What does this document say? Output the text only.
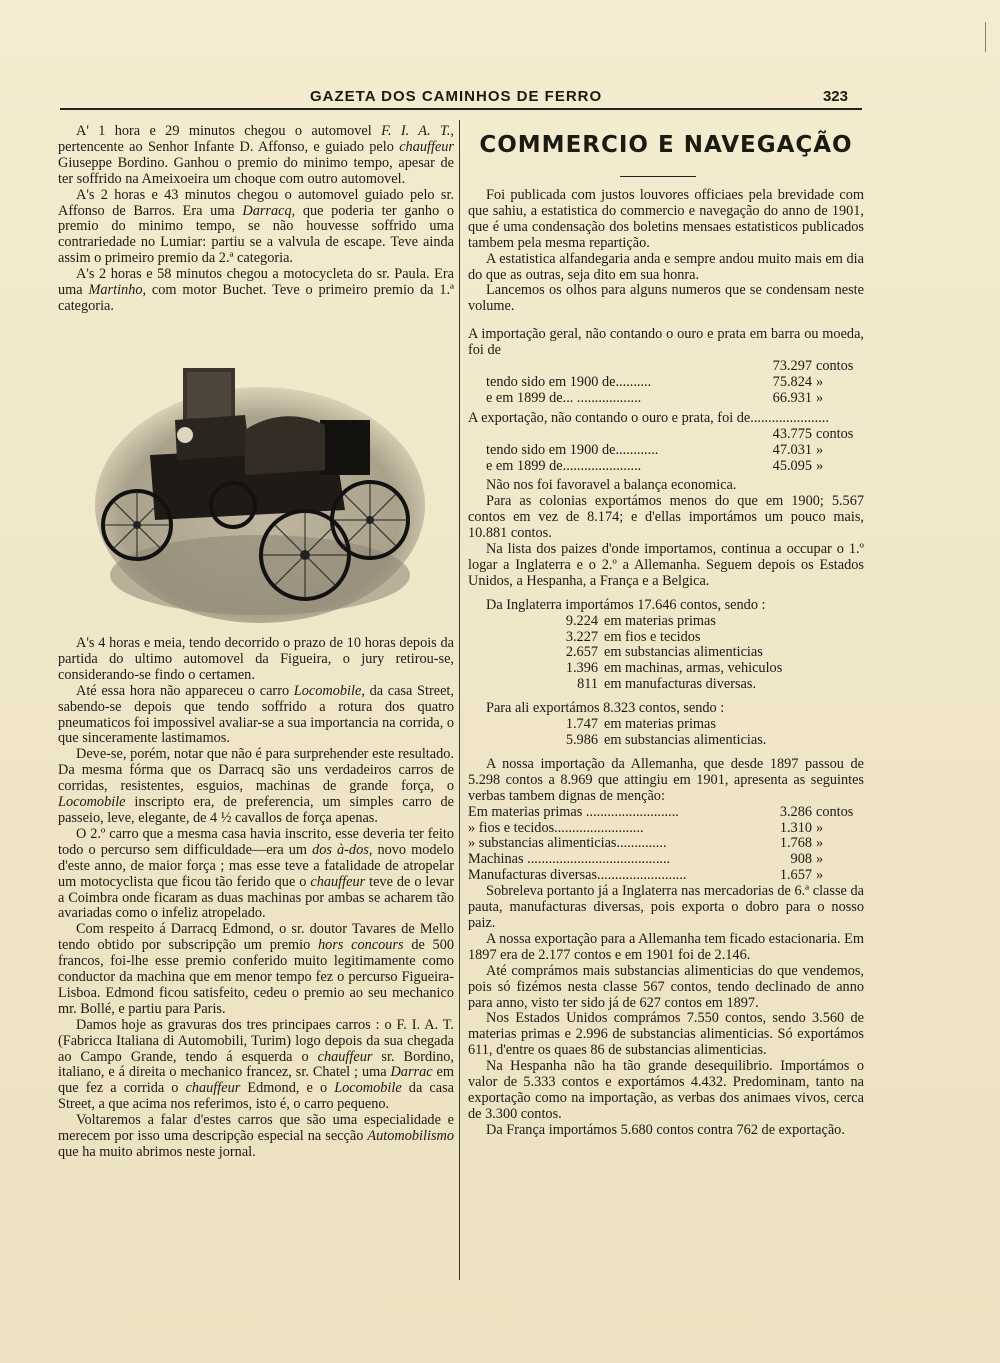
GAZETA DOS CAMINHOS DE FERRO	323

A' 1 hora e 29 minutos chegou o automovel F. I. A. T., pertencente ao Senhor Infante D. Affonso, e guiado pelo chauffeur Giuseppe Bordino. Ganhou o premio do minimo tempo, apesar de ter soffrido na Ameixoeira um choque com outro automovel.

A's 2 horas e 43 minutos chegou o automovel guiado pelo sr. Affonso de Barros. Era uma Darracq, que poderia ter ganho o premio do minimo tempo, se não houvesse soffrido uma contrariedade no Lumiar: partiu se a valvula de escape. Teve ainda assim o primeiro premio da 2.ª categoria.

A's 2 horas e 58 minutos chegou a motocycleta do sr. Paula. Era uma Martinho, com motor Buchet. Teve o primeiro premio da 1.ª categoria.

A's 4 horas e meia, tendo decorrido o prazo de 10 horas depois da partida do ultimo automovel da Figueira, o jury retirou-se, considerando-se findo o certamen.

Até essa hora não appareceu o carro Locomobile, da casa Street, sabendo-se depois que tendo soffrido a rotura dos quatro pneumaticos foi impossivel avaliar-se a sua importancia na corrida, o que sinceramente lastimamos.

Deve-se, porém, notar que não é para surprehender este resultado. Da mesma fórma que os Darracq são uns verdadeiros carros de corridas, resistentes, esguios, machinas de grande força, o Locomobile inscripto era, de preferencia, um simples carro de passeio, leve, elegante, de 4 ½ cavallos de força apenas.

O 2.º carro que a mesma casa havia inscrito, esse deveria ter feito todo o percurso sem difficuldade—era um dos à-dos, novo modelo d'este anno, de maior força ; mas esse teve a fatalidade de atropelar um motocyclista que ficou tão ferido que o chauffeur teve de o levar a Coimbra onde ficaram as duas machinas por ambas se acharem tão avariadas como o infeliz atropelado.

Com respeito á Darracq Edmond, o sr. doutor Tavares de Mello tendo obtido por subscripção um premio hors concours de 500 francos, foi-lhe esse premio conferido muito legitimamente como conductor da machina que em menor tempo fez o percurso Figueira-Lisboa. Edmond ficou satisfeito, cedeu o premio ao seu mechanico mr. Bollé, e partiu para Paris.

Damos hoje as gravuras dos tres principaes carros : o F. I. A. T. (Fabricca Italiana di Automobili, Turim) logo depois da sua chegada ao Campo Grande, tendo á esquerda o chauffeur sr. Bordino, italiano, e á direita o mechanico francez, sr. Chatel ; uma Darrac em que fez a corrida o chauffeur Edmond, e o Locomobile da casa Street, a que acima nos referimos, isto é, o carro pequeno.

Voltaremos a falar d'estes carros que são uma especialidade e merecem por isso uma descripção especial na secção Automobilismo que ha muito abrimos neste jornal.

COMMERCIO E NAVEGAÇÃO

Foi publicada com justos louvores officiaes pela brevidade com que sahiu, a estatistica do commercio e navegação do anno de 1901, que é uma condensação dos boletins mensaes estatisticos publicados tambem pela mesma repartição.

A estatistica alfandegaria anda e sempre andou muito mais em dia do que as outras, seja dito em sua honra.

Lancemos os olhos para alguns numeros que se condensam neste volume.

A importação geral, não contando o ouro e prata em barra ou moeda, foi de
73.297 contos
tendo sido em 1900 de..........	75.824 »
e em 1899 de... ..................	66.931 »
A exportação, não contando o ouro e prata, foi de......................
43.775 contos
tendo sido em 1900 de............	47.031 »
e em 1899 de......................	45.095 »

Não nos foi favoravel a balança economica.

Para as colonias exportámos menos do que em 1900; 5.567 contos em vez de 8.174; e d'ellas importámos um pouco mais, 10.881 contos.

Na lista dos paizes d'onde importamos, continua a occupar o 1.º logar a Inglaterra e o 2.º a Allemanha. Seguem depois os Estados Unidos, a Hespanha, a França e a Belgica.

Da Inglaterra importámos 17.646 contos, sendo :

9.224 em materias primas
3.227 em fios e tecidos
2.657 em substancias alimenticias
1.396 em machinas, armas, vehiculos
811 em manufacturas diversas.

Para ali exportámos 8.323 contos, sendo :

1.747 em materias primas
5.986 em substancias alimenticias.

A nossa importação da Allemanha, que desde 1897 passou de 5.298 contos a 8.969 que attingiu em 1901, apresenta as seguintes verbas tambem dignas de menção:

Em materias primas ..........................	3.286 contos
» fios e tecidos.........................	1.310 »
» substancias alimenticias..............	1.768 »
Machinas ........................................	908 »
Manufacturas diversas.........................	1.657 »

Sobreleva portanto já a Inglaterra nas mercadorias de 6.ª classe da pauta, manufacturas diversas, pois exporta o dobro para o nosso paiz.

A nossa exportação para a Allemanha tem ficado estacionaria. Em 1897 era de 2.177 contos e em 1901 foi de 2.146.

Até comprámos mais substancias alimenticias do que vendemos, pois só fizémos nesta classe 567 contos, tendo declinado de anno para anno, visto ter sido já de 627 contos em 1897.

Nos Estados Unidos comprámos 7.550 contos, sendo 3.560 de materias primas e 2.996 de substancias alimenticias. Só exportámos 611, d'entre os quaes 86 de substancias alimenticias.

Na Hespanha não ha tão grande desequilibrio. Importámos o valor de 5.333 contos e exportámos 4.432. Predominam, tanto na exportação como na importação, as verbas dos animaes vivos, cerca de 3.300 contos.

Da França importámos 5.680 contos contra 762 de exportação.
